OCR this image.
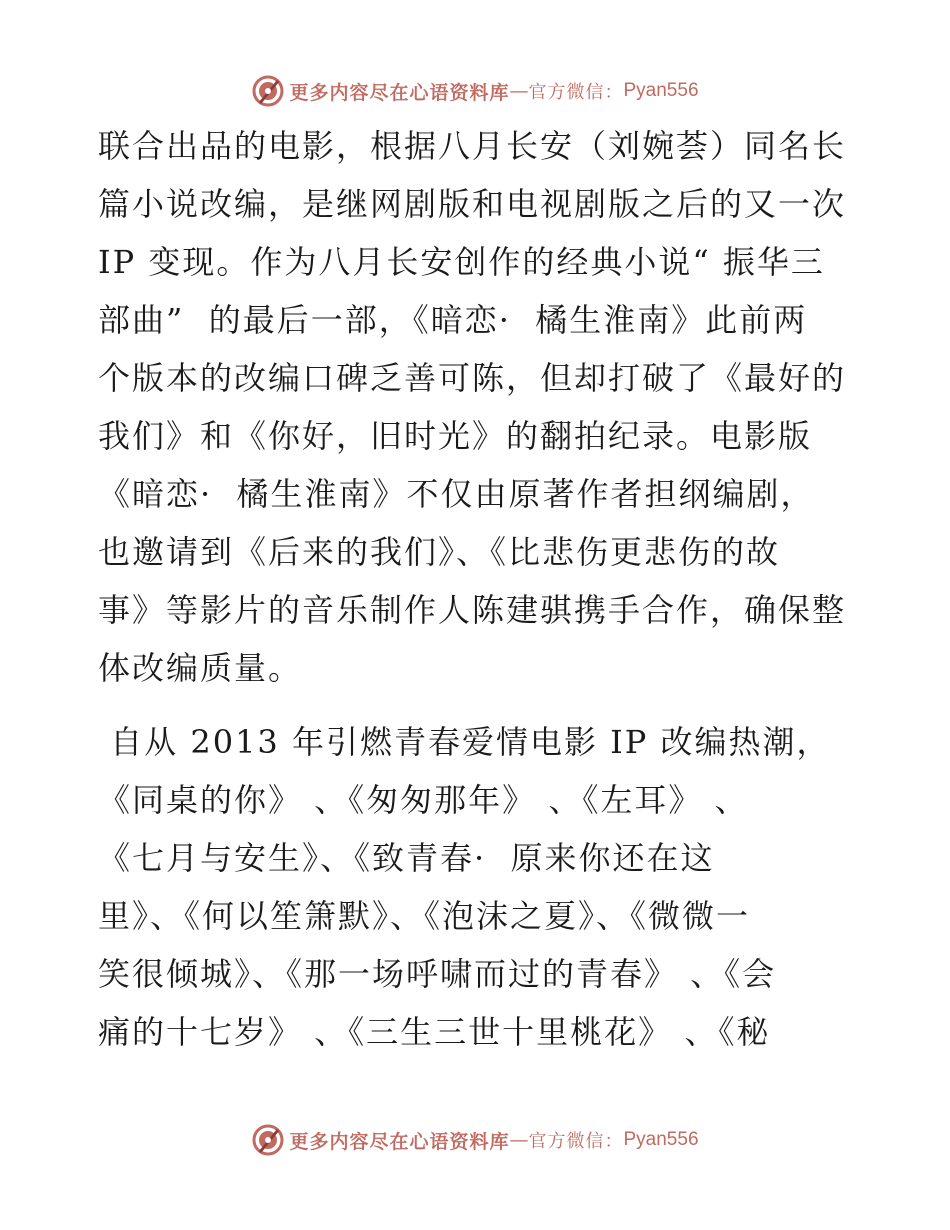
更多内容尽在心语资料库 — 官方微信： Pyan556
联合出品的电影，根据八月长安（刘婉荟）同名长
篇小说改编，是继网剧版和电视剧版之后的又一次
IP 变现。作为八月长安创作的经典小说“ 振华三
部曲”  的最后一部，《暗恋·  橘生淮南》此前两
个版本的改编口碑乏善可陈，但却打破了《最好的
我们》和《你好，旧时光》的翻拍纪录。电影版
《暗恋·  橘生淮南》不仅由原著作者担纲编剧，
也邀请到《后来的我们》、《比悲伤更悲伤的故
事》等影片的音乐制作人陈建骐携手合作，确保整
体改编质量。
自从 2013 年引燃青春爱情电影 IP 改编热潮，
《同桌的你》 、《匆匆那年》 、《左耳》 、
《七月与安生》、《致青春·  原来你还在这
里》、《何以笙箫默》、《泡沫之夏》、《微微一
笑很倾城》、《那一场呼啸而过的青春》 、《会
痛的十七岁》 、《三生三世十里桃花》 、《秘
更多内容尽在心语资料库 — 官方微信： Pyan556
